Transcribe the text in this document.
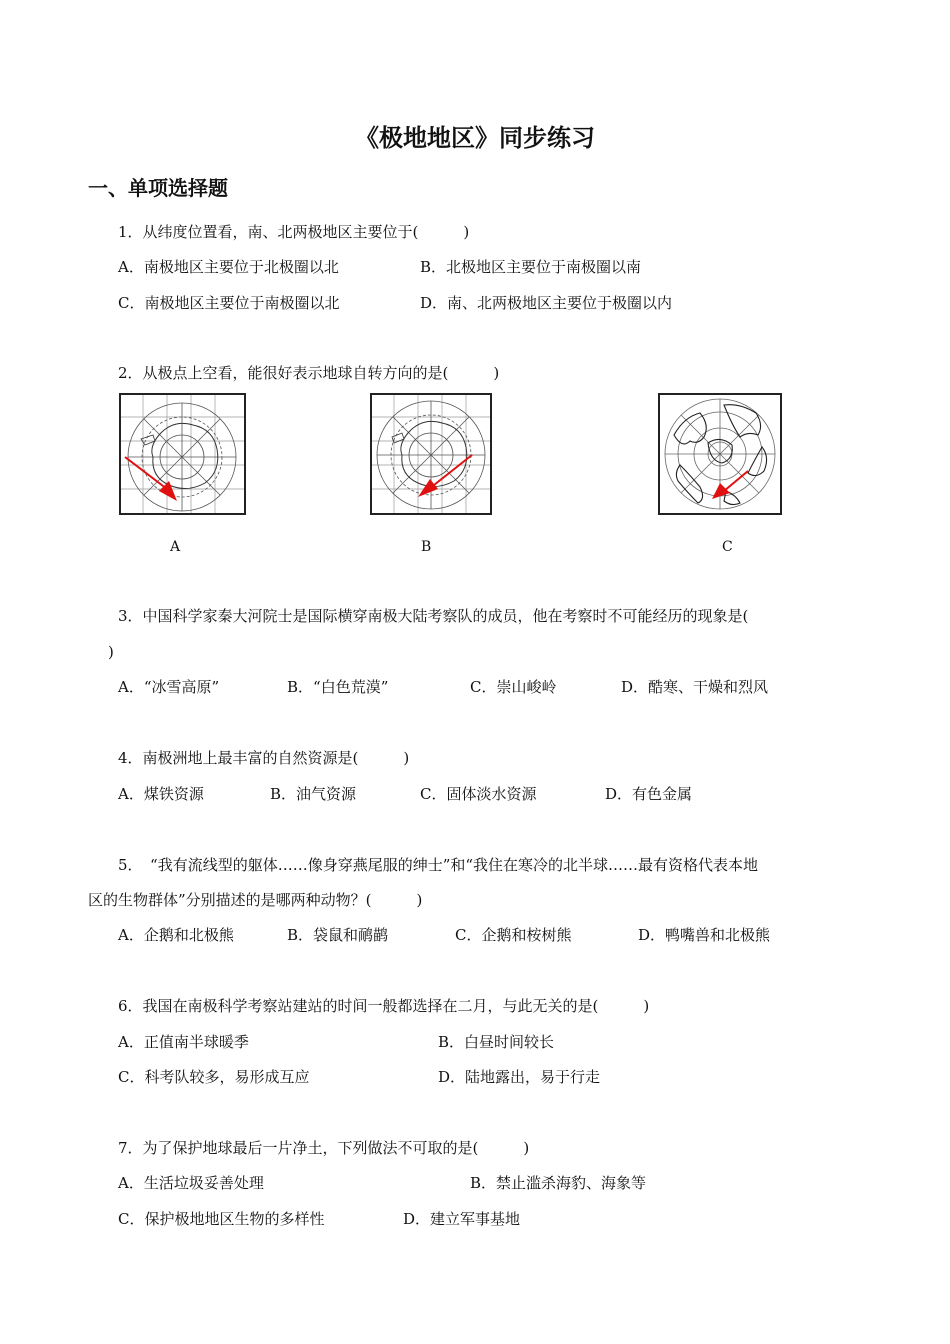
《极地地区》同步练习
一、单项选择题
1．从纬度位置看，南、北两极地区主要位于(　　　)
A．南极地区主要位于北极圈以北	B．北极地区主要位于南极圈以南
C．南极地区主要位于南极圈以北	D．南、北两极地区主要位于极圈以内
2．从极点上空看，能很好表示地球自转方向的是(　　　)
A	B	C
3．中国科学家秦大河院士是国际横穿南极大陆考察队的成员，他在考察时不可能经历的现象是(
)
A．“冰雪高原”	B．“白色荒漠”	C．崇山峻岭	D．酷寒、干燥和烈风
4．南极洲地上最丰富的自然资源是(　　　)
A．煤铁资源	B．油气资源	C．固体淡水资源	D．有色金属
5．　“我有流线型的躯体……像身穿燕尾服的绅士”和“我住在寒冷的北半球……最有资格代表本地
区的生物群体”分别描述的是哪两种动物？(　　　)
A．企鹅和北极熊	B．袋鼠和鸸鹋	C．企鹅和桉树熊	D．鸭嘴兽和北极熊
6．我国在南极科学考察站建站的时间一般都选择在二月，与此无关的是(　　　)
A．正值南半球暖季	B．白昼时间较长
C．科考队较多，易形成互应	D．陆地露出，易于行走
7．为了保护地球最后一片净土，下列做法不可取的是(　　　)
A．生活垃圾妥善处理	B．禁止滥杀海豹、海象等
C．保护极地地区生物的多样性	D．建立军事基地
